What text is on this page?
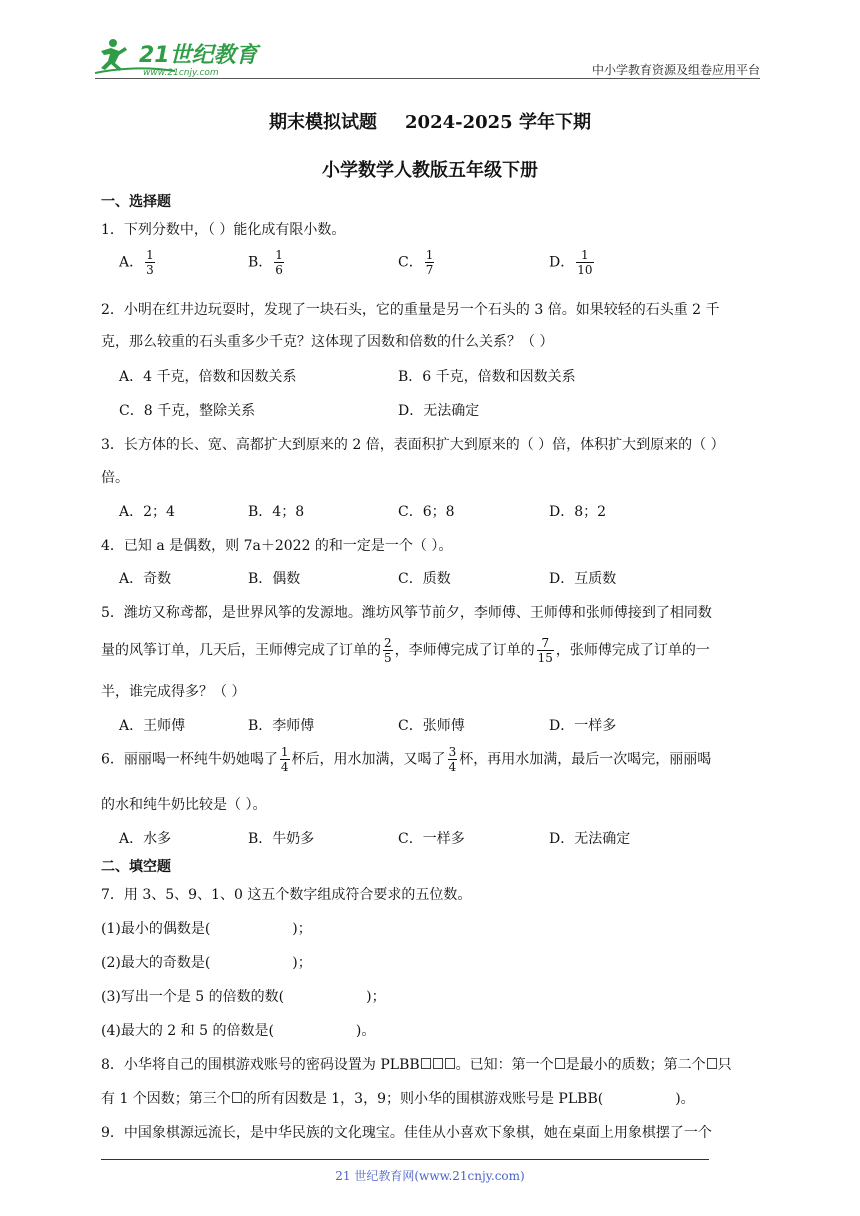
21世纪教育
www.21cnjy.com	中小学教育资源及组卷应用平台
期末模拟试题 2024-2025 学年下期
小学数学人教版五年级下册
一、选择题
1．下列分数中，（ ）能化成有限小数。
A． $\frac{1}{3}$	B． $\frac{1}{6}$	C． $\frac{1}{7}$	D． $\frac{1}{10}$
2．小明在红井边玩耍时，发现了一块石头，它的重量是另一个石头的 3 倍。如果较轻的石头重 2 千
克，那么较重的石头重多少千克？这体现了因数和倍数的什么关系？（ ）
A．4 千克，倍数和因数关系	B．6 千克，倍数和因数关系
C．8 千克，整除关系	D．无法确定
3．长方体的长、宽、高都扩大到原来的 2 倍，表面积扩大到原来的（ ）倍，体积扩大到原来的（ ）
倍。
A．2；4	B．4；8	C．6；8	D．8；2
4．已知 a 是偶数，则 7a＋2022 的和一定是一个（ ）。
A．奇数	B．偶数	C．质数	D．互质数
5．潍坊又称鸢都，是世界风筝的发源地。潍坊风筝节前夕，李师傅、王师傅和张师傅接到了相同数
量的风筝订单，几天后，王师傅完成了订单的 $\frac{2}{5}$ ，李师傅完成了订单的 $\frac{7}{15}$ ，张师傅完成了订单的一
半，谁完成得多？（ ）
A．王师傅	B．李师傅	C．张师傅	D．一样多
6．丽丽喝一杯纯牛奶她喝了 $\frac{1}{4}$ 杯后，用水加满，又喝了 $\frac{3}{4}$ 杯，再用水加满，最后一次喝完，丽丽喝
的水和纯牛奶比较是（ ）。
A．水多	B．牛奶多	C．一样多	D．无法确定
二、填空题
7．用 3、5、9、1、0 这五个数字组成符合要求的五位数。
(1)最小的偶数是(	)；
(2)最大的奇数是(	)；
(3)写出一个是 5 的倍数的数(	)；
(4)最大的 2 和 5 的倍数是(	)。
8．小华将自己的围棋游戏账号的密码设置为 PLBB	。已知：第一个 是最小的质数；第二个 只
有 1 个因数；第三个 的所有因数是 1，3，9；则小华的围棋游戏账号是 PLBB(	)。
9．中国象棋源远流长，是中华民族的文化瑰宝。佳佳从小喜欢下象棋，她在桌面上用象棋摆了一个
21 世纪教育网(www.21cnjy.com)
